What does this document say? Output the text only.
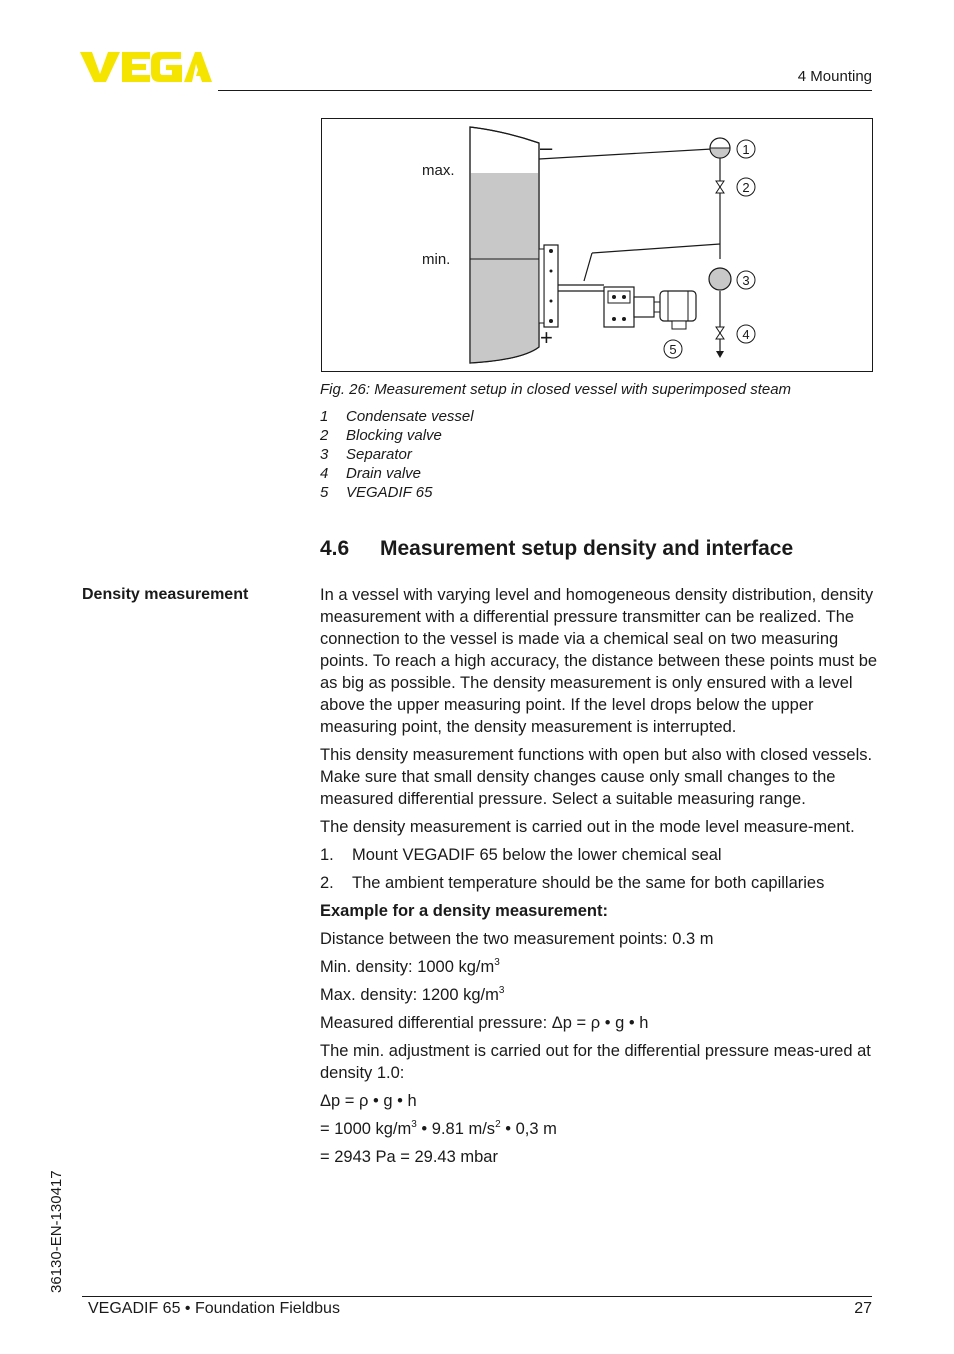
4 Mounting
–
+
max.
min.
1
2
3
4
5
Fig. 26: Measurement setup in closed vessel with superimposed steam
1 Condensate vessel
2 Blocking valve
3 Separator
4 Drain valve
5 VEGADIF 65
4.6 Measurement setup density and interface
Density measurement	In a vessel with varying level and homogeneous density distribution, density measurement with a differential pressure transmitter can be realized. The connection to the vessel is made via a chemical seal on two measuring points. To reach a high accuracy, the distance between these points must be as big as possible. The density measurement is only ensured with a level above the upper measuring point. If the level drops below the upper measuring point, the density measurement is interrupted.

This density measurement functions with open but also with closed vessels. Make sure that small density changes cause only small changes to the measured differential pressure. Select a suitable measuring range.

The density measurement is carried out in the mode level measure-ment.

1.	Mount VEGADIF 65 below the lower chemical seal
2.	The ambient temperature should be the same for both capillaries

Example for a density measurement:

Distance between the two measurement points: 0.3 m

Min. density: 1000 $kg/m^3$

Max. density: 1200 $kg/m^3$

Measured differential pressure: Δp = ρ • g • h

The min. adjustment is carried out for the differential pressure meas-ured at density 1.0:

Δp = ρ • g • h

= 1000 $kg/m^3$ • 9.81 $m/s^2$ • 0,3 m

= 2943 Pa = 29.43 mbar

36130-EN-130417
VEGADIF 65 • Foundation Fieldbus	27
